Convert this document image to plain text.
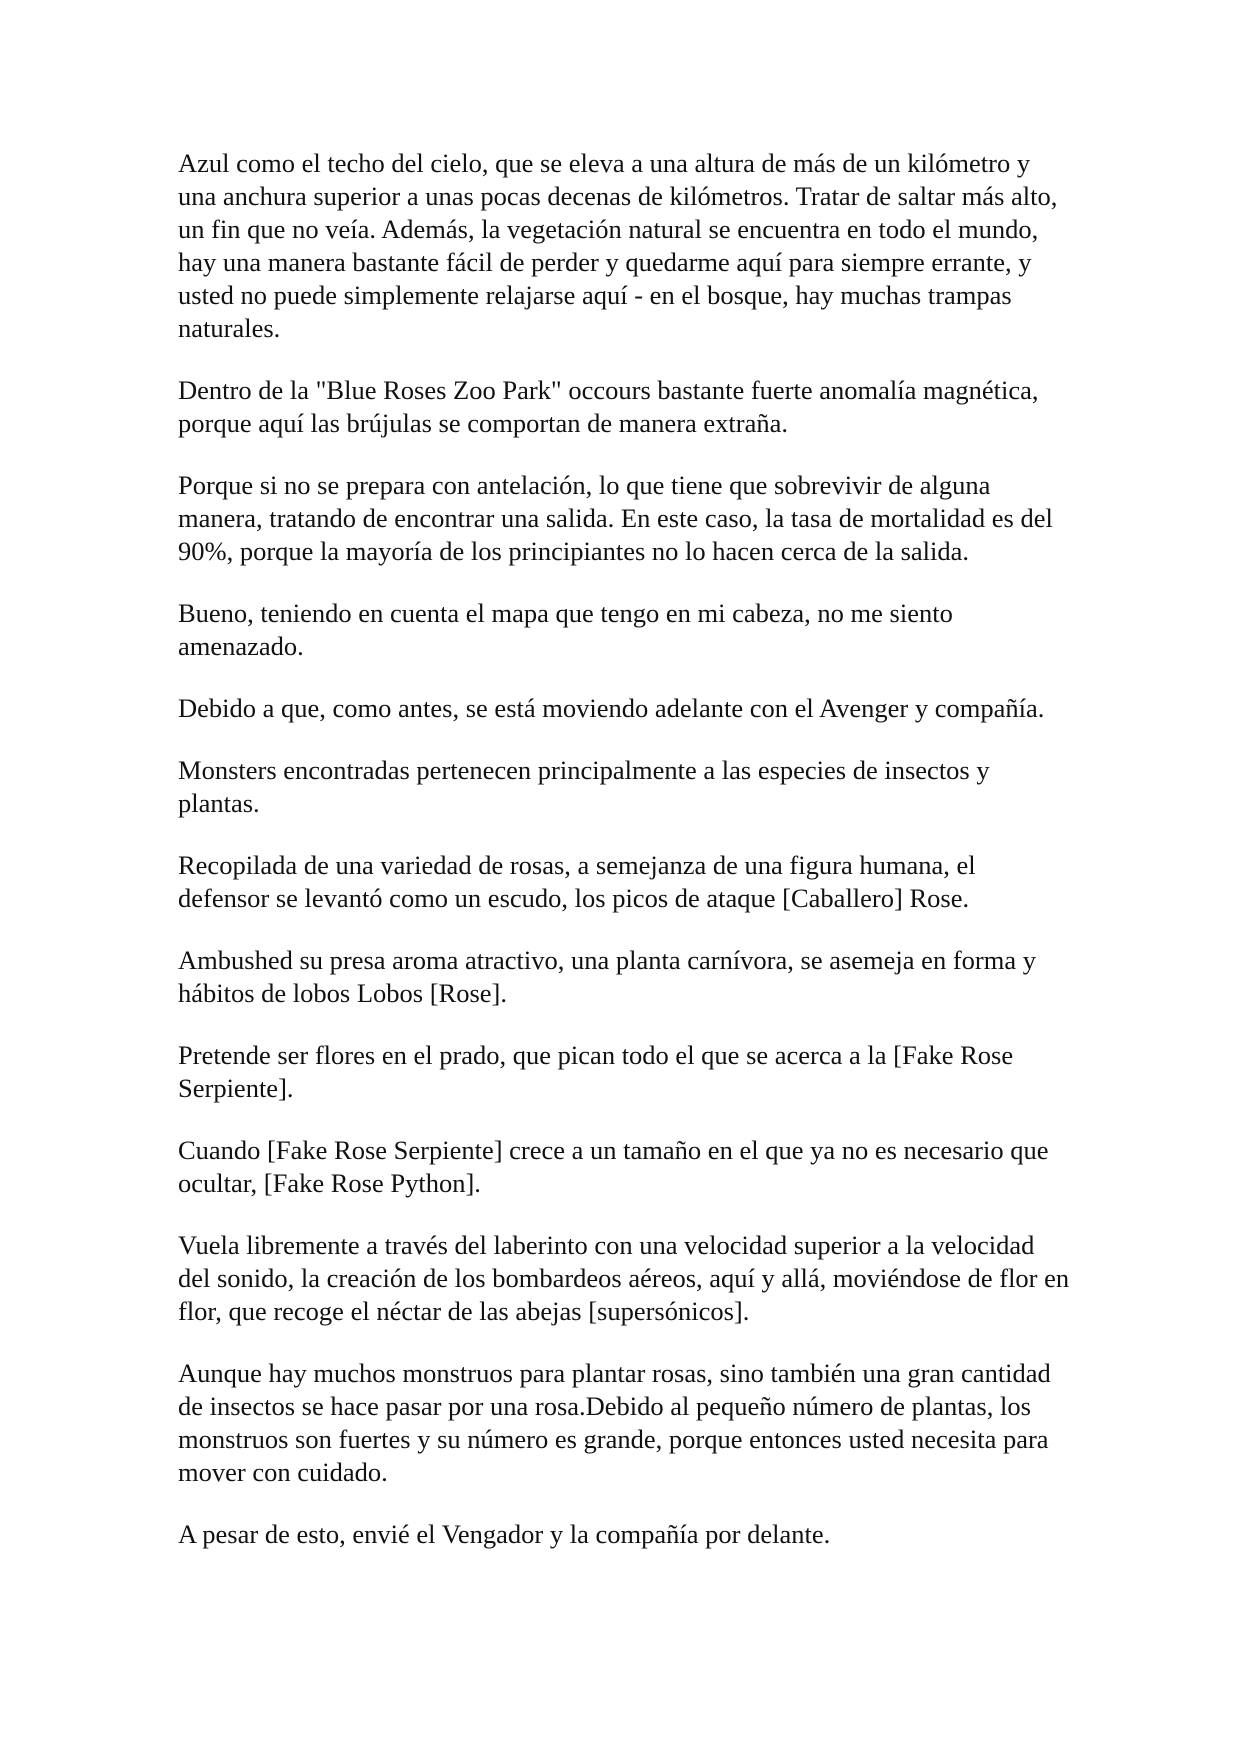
Azul como el techo del cielo, que se eleva a una altura de más de un kilómetro y una anchura superior a unas pocas decenas de kilómetros. Tratar de saltar más alto, un fin que no veía. Además, la vegetación natural se encuentra en todo el mundo, hay una manera bastante fácil de perder y quedarme aquí para siempre errante, y usted no puede simplemente relajarse aquí - en el bosque, hay muchas trampas naturales.

Dentro de la "Blue Roses Zoo Park" occours bastante fuerte anomalía magnética, porque aquí las brújulas se comportan de manera extraña.

Porque si no se prepara con antelación, lo que tiene que sobrevivir de alguna manera, tratando de encontrar una salida. En este caso, la tasa de mortalidad es del 90%, porque la mayoría de los principiantes no lo hacen cerca de la salida.

Bueno, teniendo en cuenta el mapa que tengo en mi cabeza, no me siento amenazado.

Debido a que, como antes, se está moviendo adelante con el Avenger y compañía.

Monsters encontradas pertenecen principalmente a las especies de insectos y plantas.

Recopilada de una variedad de rosas, a semejanza de una figura humana, el defensor se levantó como un escudo, los picos de ataque [Caballero] Rose.

Ambushed su presa aroma atractivo, una planta carnívora, se asemeja en forma y hábitos de lobos Lobos [Rose].

Pretende ser flores en el prado, que pican todo el que se acerca a la [Fake Rose Serpiente].

Cuando [Fake Rose Serpiente] crece a un tamaño en el que ya no es necesario que ocultar, [Fake Rose Python].

Vuela libremente a través del laberinto con una velocidad superior a la velocidad del sonido, la creación de los bombardeos aéreos, aquí y allá, moviéndose de flor en flor, que recoge el néctar de las abejas [supersónicos].

Aunque hay muchos monstruos para plantar rosas, sino también una gran cantidad de insectos se hace pasar por una rosa.Debido al pequeño número de plantas, los monstruos son fuertes y su número es grande, porque entonces usted necesita para mover con cuidado.

A pesar de esto, envié el Vengador y la compañía por delante.
